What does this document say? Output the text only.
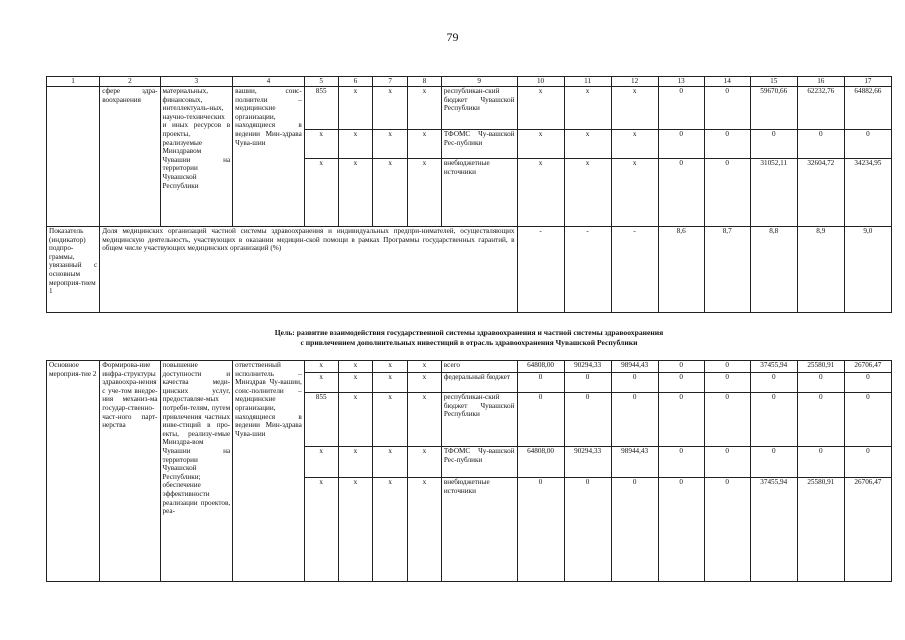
79
1	2	3	4	5	6	7	8	9	10	11	12	13	14	15	16	17
	сфере здра-воохранения	материальных, финансовых, интеллектуаль-ных, научно-технических и иных ресурсов в проекты, реализуемые Минздравом Чувашии на территории Чувашской Республики	вашии, соис-полнители – медицинские организации, находящиеся в ведении Мин-здрава Чува-шии	855	x	x	x	республикан-ский бюджет Чувашской Республики	x	x	x	0	0	59670,66	62232,76	64882,66
				x	x	x	x	ТФОМС Чу-вашской Рес-публики	x	x	x	0	0	0	0	0
				x	x	x	x	внебюджетные источники	x	x	x	0	0	31052,11	32604,72	34234,95
Показатель (индикатор) подпро-граммы, увязанный с основным мероприя-тием 1	Доля медицинских организаций частной системы здравоохранения и индивидуальных предпри-нимателей, осуществляющих медицинскую деятельность, участвующих в оказании медицин-ской помощи в рамках Программы государственных гарантий, в общем числе участвующих медицинских организаций (%)								-	-	-	8,6	8,7	8,8	8,9	9,0
Цель: развитие взаимодействия государственной системы здравоохранения и частной системы здравоохранения
с привлечением дополнительных инвестиций в отрасль здравоохранения Чувашской Республики
Основное мероприя-тие 2	Формирова-ние инфра-структуры здравоохра-нения с уче-том внедре-ния механиз-ма государ-ственно-част-ного парт-нерства	повышение доступности и качества меди-цинских услуг, предоставляе-мых потреби-телям, путем привлечения частных инве-стиций в про-екты, реализу-емые Минздра-вом Чувашии на территории Чувашской Республики; обеспечение эффективности реализации проектов, реа-	ответственный исполнитель – Минздрав Чу-вашии, соис-полнители – медицинские организации, находящиеся в ведении Мин-здрава Чува-шии	x	x	x	x	всего	64808,00	90294,33	98944,43	0	0	37455,94	25580,91	26706,47
				x	x	x	x	федеральный бюджет	0	0	0	0	0	0	0	0
				855	x	x	x	республикан-ский бюджет Чувашской Республики	0	0	0	0	0	0	0	0
				x	x	x	x	ТФОМС Чу-вашской Рес-публики	64808,00	90294,33	98944,43	0	0	0	0	0
				x	x	x	x	внебюджетные источники	0	0	0	0	0	37455,94	25580,91	26706,47
